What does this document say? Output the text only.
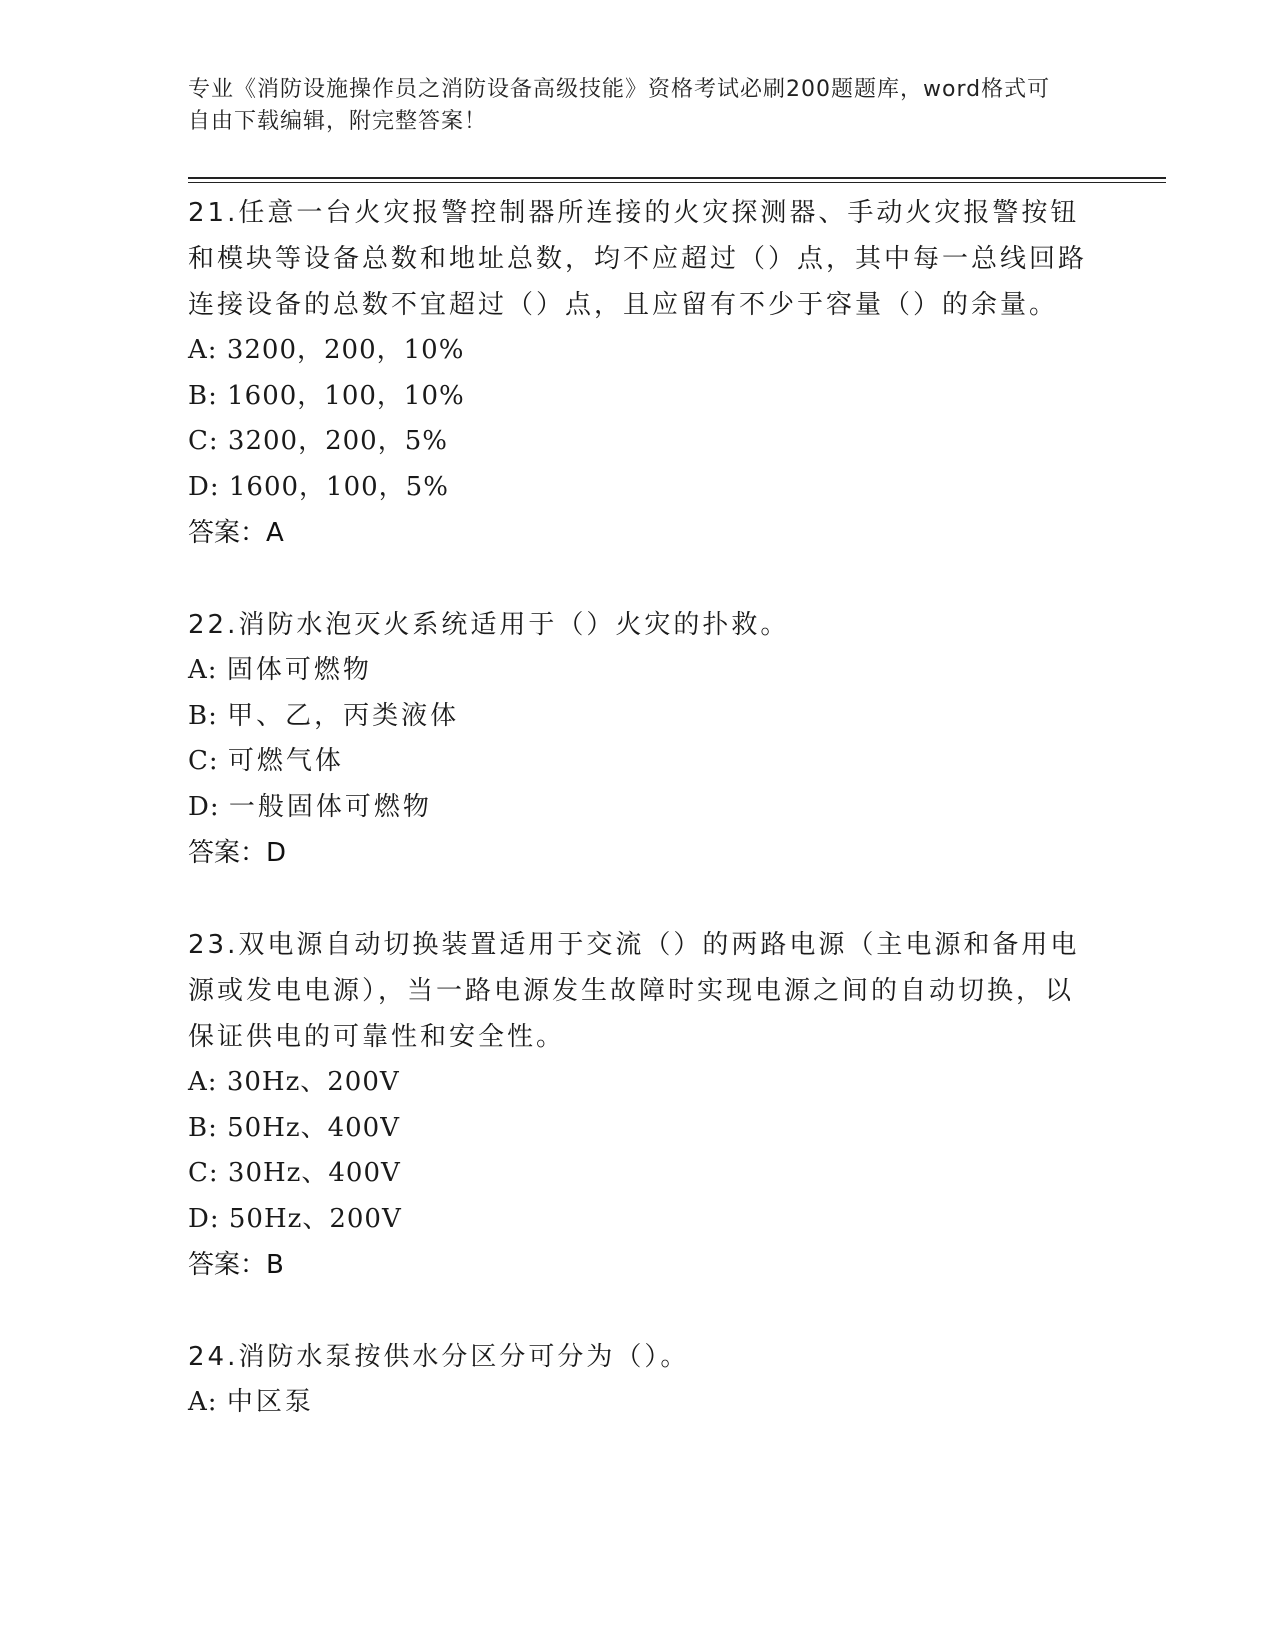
专业《消防设施操作员之消防设备高级技能》资格考试必刷200题题库，word格式可自由下载编辑，附完整答案！

21.任意一台火灾报警控制器所连接的火灾探测器、手动火灾报警按钮和模块等设备总数和地址总数，均不应超过（）点，其中每一总线回路连接设备的总数不宜超过（）点，且应留有不少于容量（）的余量。

A: 3200，200，10%

B: 1600，100，10%

C: 3200，200，5%

D: 1600，100，5%

答案：A

22.消防水泡灭火系统适用于（）火灾的扑救。

A: 固体可燃物

B: 甲、乙，丙类液体

C: 可燃气体

D: 一般固体可燃物

答案：D

23.双电源自动切换装置适用于交流（）的两路电源（主电源和备用电源或发电电源），当一路电源发生故障时实现电源之间的自动切换，以保证供电的可靠性和安全性。

A: 30Hz、200V

B: 50Hz、400V

C: 30Hz、400V

D: 50Hz、200V

答案：B

24.消防水泵按供水分区分可分为（）。

A: 中区泵
